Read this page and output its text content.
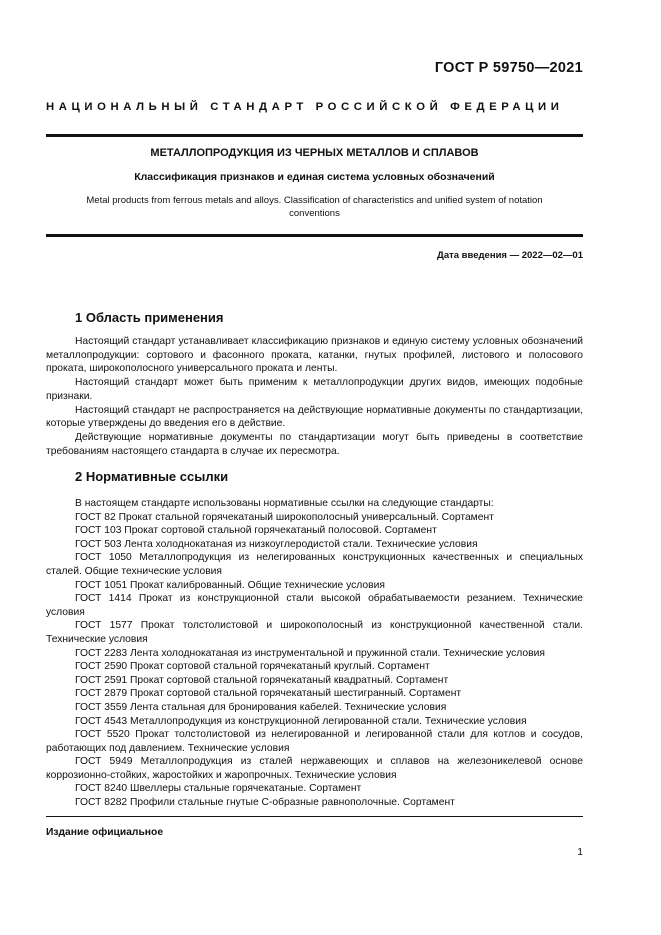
ГОСТ Р 59750—2021
НАЦИОНАЛЬНЫЙ СТАНДАРТ РОССИЙСКОЙ ФЕДЕРАЦИИ
МЕТАЛЛОПРОДУКЦИЯ ИЗ ЧЕРНЫХ МЕТАЛЛОВ И СПЛАВОВ
Классификация признаков и единая система условных обозначений
Metal products from ferrous metals and alloys. Classification of characteristics and unified system of notation conventions
Дата введения — 2022—02—01
1 Область применения

Настоящий стандарт устанавливает классификацию признаков и единую систему условных обозначений металлопродукции: сортового и фасонного проката, катанки, гнутых профилей, листового и полосового проката, широкополосного универсального проката и ленты.

Настоящий стандарт может быть применим к металлопродукции других видов, имеющих подобные признаки.

Настоящий стандарт не распространяется на действующие нормативные документы по стандартизации, которые утверждены до введения его в действие.

Действующие нормативные документы по стандартизации могут быть приведены в соответствие требованиям настоящего стандарта в случае их пересмотра.

2 Нормативные ссылки

В настоящем стандарте использованы нормативные ссылки на следующие стандарты:

ГОСТ 82 Прокат стальной горячекатаный широкополосный универсальный. Сортамент

ГОСТ 103 Прокат сортовой стальной горячекатаный полосовой. Сортамент

ГОСТ 503 Лента холоднокатаная из низкоуглеродистой стали. Технические условия

ГОСТ 1050 Металлопродукция из нелегированных конструкционных качественных и специальных сталей. Общие технические условия

ГОСТ 1051 Прокат калиброванный. Общие технические условия

ГОСТ 1414 Прокат из конструкционной стали высокой обрабатываемости резанием. Технические условия

ГОСТ 1577 Прокат толстолистовой и широкополосный из конструкционной качественной стали. Технические условия

ГОСТ 2283 Лента холоднокатаная из инструментальной и пружинной стали. Технические условия

ГОСТ 2590 Прокат сортовой стальной горячекатаный круглый. Сортамент

ГОСТ 2591 Прокат сортовой стальной горячекатаный квадратный. Сортамент

ГОСТ 2879 Прокат сортовой стальной горячекатаный шестигранный. Сортамент

ГОСТ 3559 Лента стальная для бронирования кабелей. Технические условия

ГОСТ 4543 Металлопродукция из конструкционной легированной стали. Технические условия

ГОСТ 5520 Прокат толстолистовой из нелегированной и легированной стали для котлов и сосудов, работающих под давлением. Технические условия

ГОСТ 5949 Металлопродукция из сталей нержавеющих и сплавов на железоникелевой основе коррозионно-стойких, жаростойких и жаропрочных. Технические условия

ГОСТ 8240 Швеллеры стальные горячекатаные. Сортамент

ГОСТ 8282 Профили стальные гнутые С-образные равнополочные. Сортамент

Издание официальное
1
